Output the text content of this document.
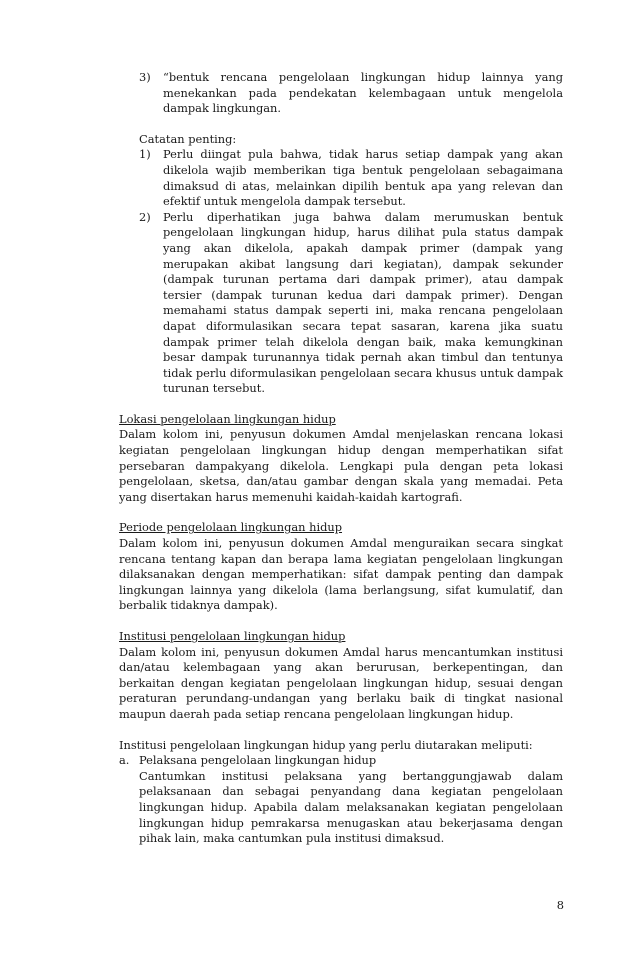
3)	“bentuk rencana pengelolaan lingkungan hidup lainnya yang menekankan pada pendekatan kelembagaan untuk mengelola dampak lingkungan.

Catatan penting:

1)	Perlu diingat pula bahwa, tidak harus setiap dampak yang akan dikelola wajib memberikan tiga bentuk pengelolaan sebagaimana dimaksud di atas, melainkan dipilih bentuk apa yang relevan dan efektif untuk mengelola dampak tersebut.

2)	Perlu diperhatikan juga bahwa dalam merumuskan bentuk pengelolaan lingkungan hidup, harus dilihat pula status dampak yang akan dikelola, apakah dampak primer (dampak yang merupakan akibat langsung dari kegiatan), dampak sekunder (dampak turunan pertama dari dampak primer), atau dampak tersier (dampak turunan kedua dari dampak primer). Dengan memahami status dampak seperti ini, maka rencana pengelolaan dapat diformulasikan secara tepat sasaran, karena jika suatu dampak primer telah dikelola dengan baik, maka kemungkinan besar dampak turunannya tidak pernah akan timbul dan tentunya tidak perlu diformulasikan pengelolaan secara khusus untuk dampak turunan tersebut.

Lokasi pengelolaan lingkungan hidup

Dalam kolom ini, penyusun dokumen Amdal menjelaskan rencana lokasi kegiatan pengelolaan lingkungan hidup dengan memperhatikan sifat persebaran dampakyang dikelola. Lengkapi pula dengan peta lokasi pengelolaan, sketsa, dan/atau gambar dengan skala yang memadai. Peta yang disertakan harus memenuhi kaidah-kaidah kartografi.

Periode pengelolaan lingkungan hidup

Dalam kolom ini, penyusun dokumen Amdal menguraikan secara singkat rencana tentang kapan dan berapa lama kegiatan pengelolaan lingkungan dilaksanakan dengan memperhatikan: sifat dampak penting dan dampak lingkungan lainnya yang dikelola (lama berlangsung, sifat kumulatif, dan berbalik tidaknya dampak).

Institusi pengelolaan lingkungan hidup

Dalam kolom ini, penyusun dokumen Amdal harus mencantumkan institusi dan/atau kelembagaan yang akan berurusan, berkepentingan, dan berkaitan dengan kegiatan pengelolaan lingkungan hidup, sesuai dengan peraturan perundang-undangan yang berlaku baik di tingkat nasional maupun daerah pada setiap rencana pengelolaan lingkungan hidup.

Institusi pengelolaan lingkungan hidup yang perlu diutarakan meliputi:

a. Pelaksana pengelolaan lingkungan hidup

Cantumkan institusi pelaksana yang bertanggungjawab dalam pelaksanaan dan sebagai penyandang dana kegiatan pengelolaan lingkungan hidup. Apabila dalam melaksanakan kegiatan pengelolaan lingkungan hidup pemrakarsa menugaskan atau bekerjasama dengan pihak lain, maka cantumkan pula institusi dimaksud.

8
